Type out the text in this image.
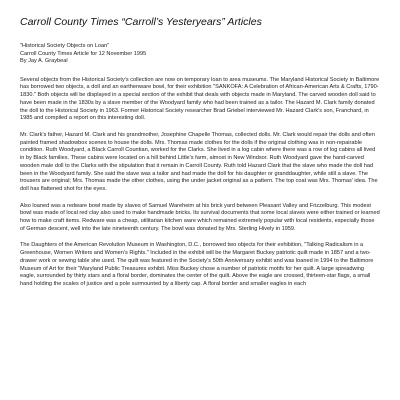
Carroll County Times “Carroll’s Yesteryears” Articles
"Historical Society Objects on Loan"
Carroll County Times Article for 12 November 1995
By Jay A. Graybeal

Several objects from the Historical Society’s collection are now on temporary loan to area museums. The Maryland Historical Society in Baltimore has borrowed two objects, a doll and an earthenware bowl, for their exhibition "SANKOFA: A Celebration of African-American Arts & Crafts, 1790-1830." Both objects will be displayed in a special section of the exhibit that deals with objects made in Maryland. The carved wooden doll said to have been made in the 1830s by a slave member of the Woodyard family who had been trained as a tailor. The Hazard M. Clark family donated the doll to the Historical Society in 1963. Former Historical Society researcher Brad Griebel interviewed Mr. Hazard Clark’s son, Franchard, in 1985 and compiled a report on this interesting doll.

Mr. Clark’s father, Hazard M. Clark and his grandmother, Josephine Chapelle Thomas, collected dolls. Mr. Clark would repair the dolls and often painted framed shadowbox scenes to house the dolls. Mrs. Thomas made clothes for the dolls if the original clothing was in non-repairable condition. Ruth Woodyard, a Black Carroll Countian, worked for the Clarks. She lived in a log cabin where there was a row of log cabins all lived in by Black families. These cabins were located on a hill behind Little’s farm, almost in New Windsor. Ruth Woodyard gave the hand-carved wooden male doll to the Clarks with the stipulation that it remain in Carroll County. Ruth told Hazard Clark that the slave who made the doll had been in the Woodyard family. She said the slave was a tailor and had made the doll for his daughter or granddaughter, while still a slave. The trousers are original; Mrs. Thomas made the other clothes, using the under jacket original as a pattern. The top coat was Mrs. Thomas’ idea. The doll has flattened shot for the eyes.

Also loaned was a redware bowl made by slaves of Samuel Wareheim at his brick yard between Pleasant Valley and Frizzelburg. This modest bowl was made of local red clay also used to make handmade bricks. Its survival documents that some local slaves were either trained or learned how to make craft items. Redware was a cheap, utilitarian kitchen ware which remained extremely popular with local residents, especially those of German descent, well into the late nineteenth century. The bowl was donated by Mrs. Sterling Hively in 1959.

The Daughters of the American Revolution Museum in Washington, D.C., borrowed two objects for their exhibition, "Talking Radicalism in a Greenhouse, Women Writers and Women’s Rights." Included in the exhibit will be the Margaret Buckey patriotic quilt made in 1857 and a two-drawer work or sewing table she used. The quilt was featured in the Society’s 50th Anniversary exhibit and was loaned in 1994 to the Baltimore Museum of Art for their "Maryland Public Treasures exhibit. Miss Buckey chose a number of patriotic motifs for her quilt. A large spreadwing eagle, surrounded by thirty stars and a floral border, dominates the center of the quilt. Above the eagle are crossed, thirteen-star flags, a small hand holding the scales of justice and a pole surmounted by a liberty cap. A floral border and smaller eagles in each
